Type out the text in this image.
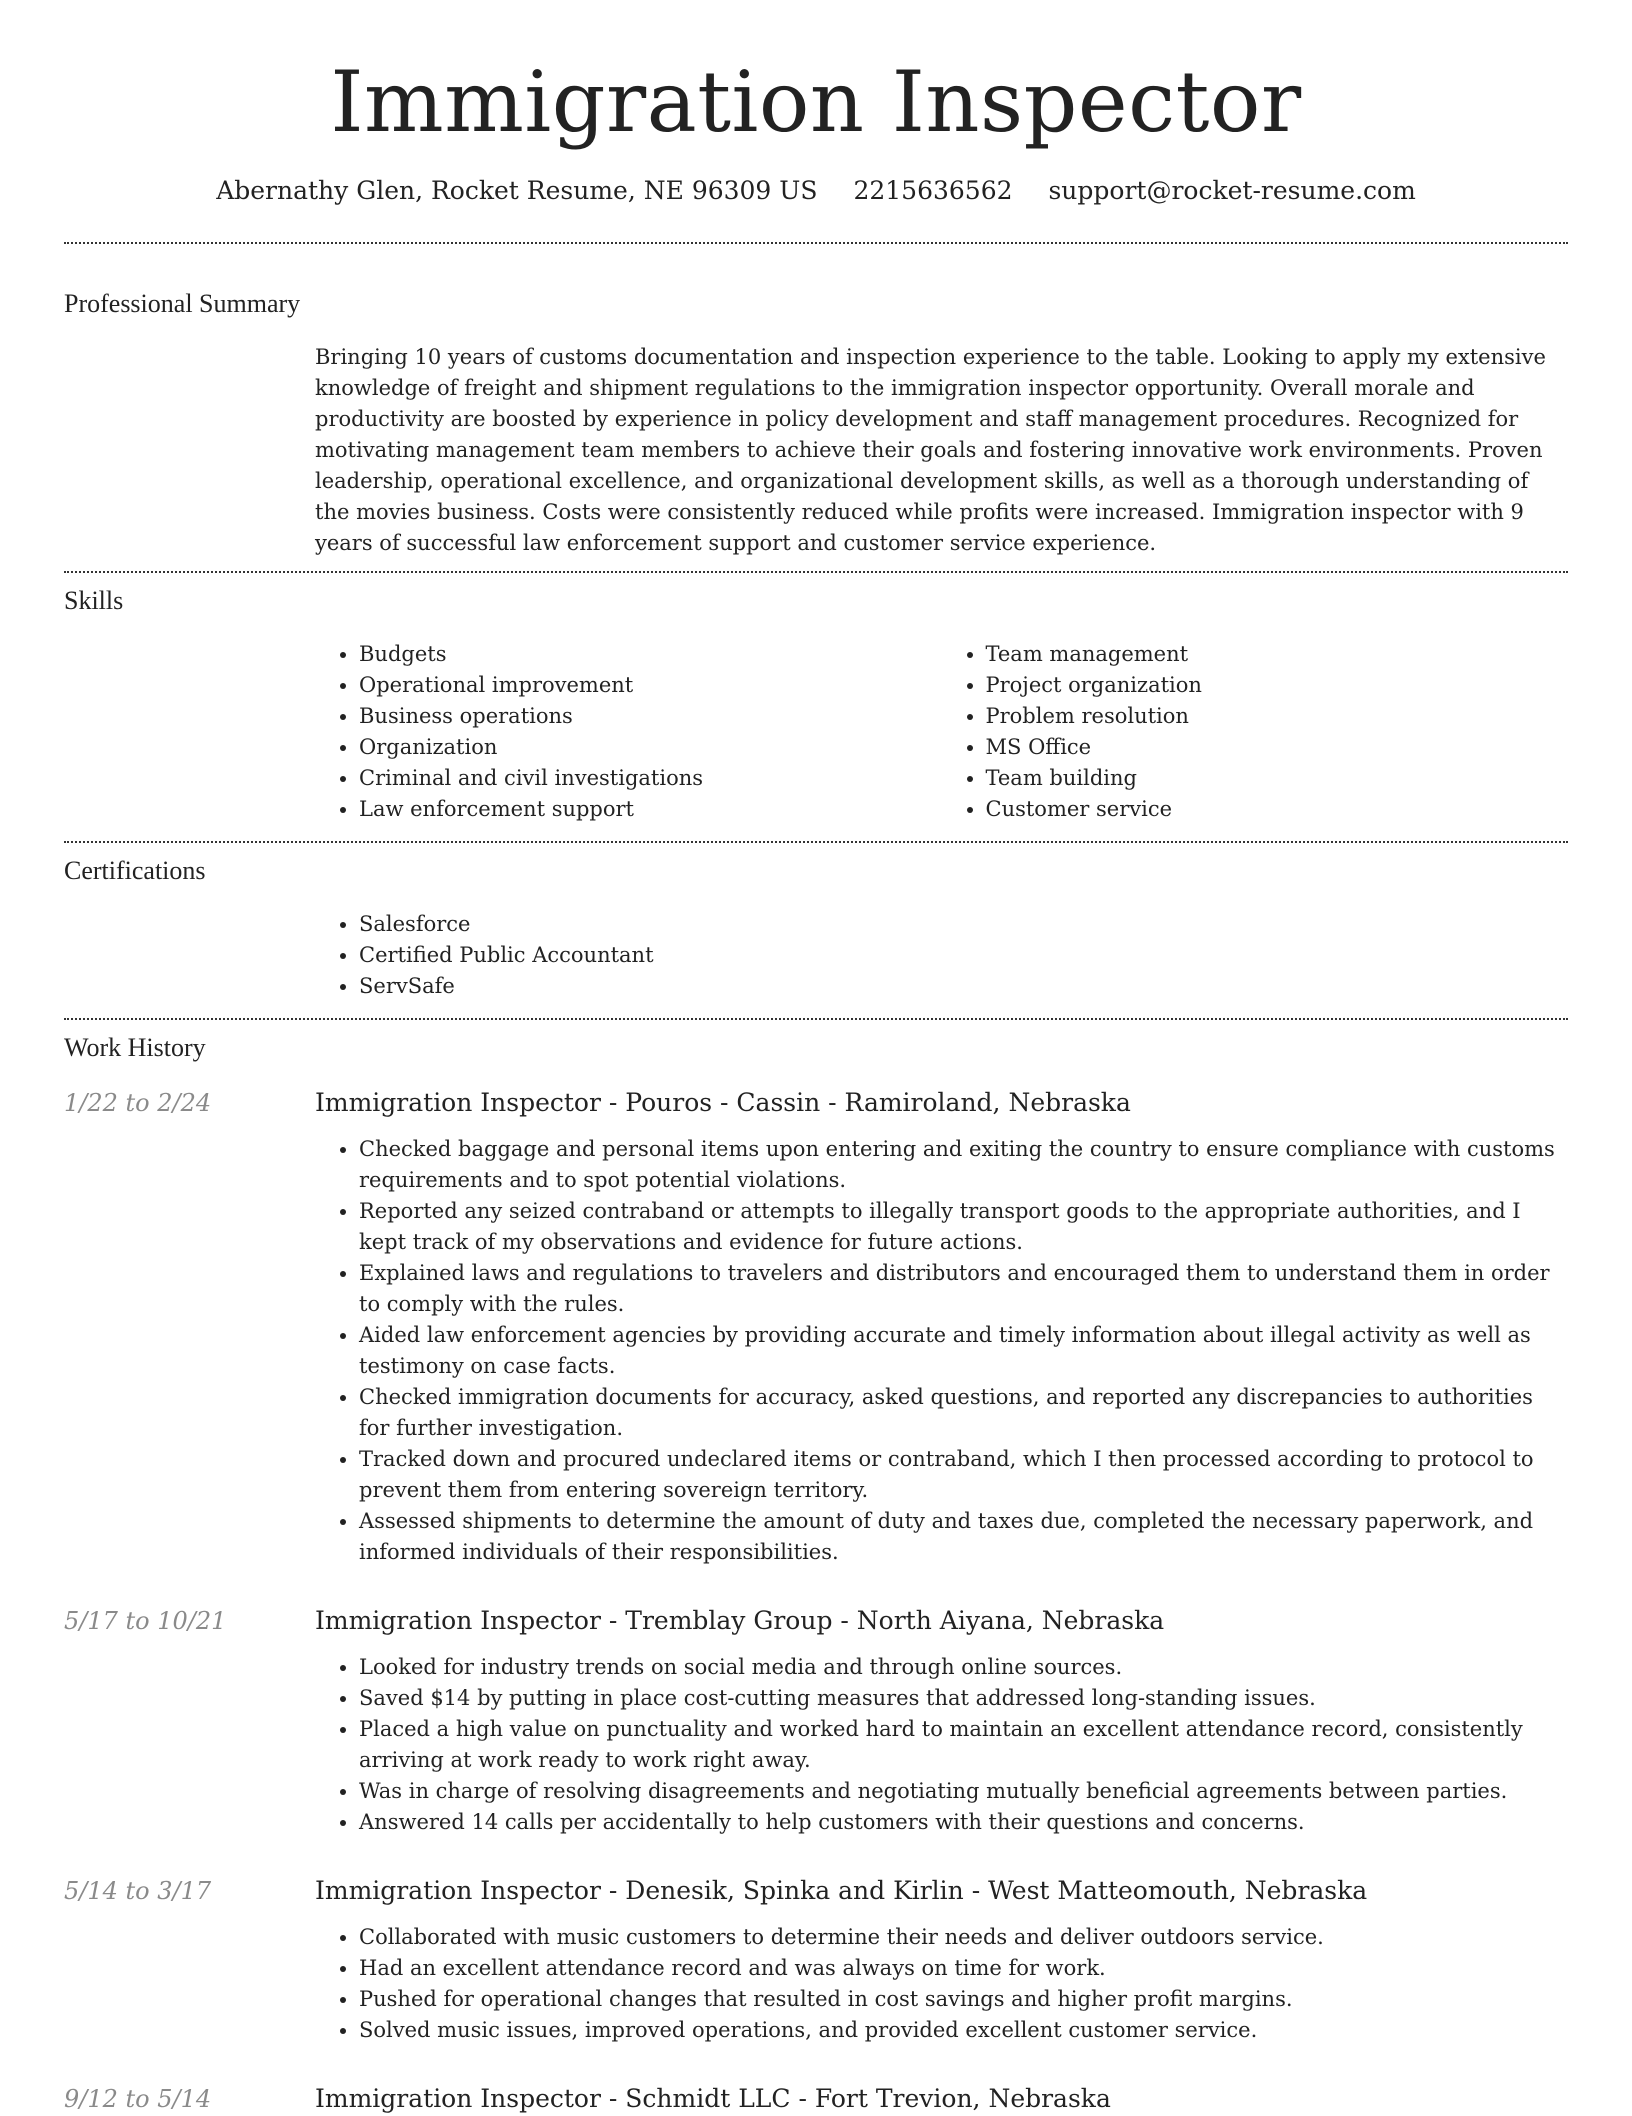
Immigration Inspector
Abernathy Glen, Rocket Resume, NE 96309 US 2215636562 support@rocket-resume.com
Professional Summary
Bringing 10 years of customs documentation and inspection experience to the table. Looking to apply my extensive knowledge of freight and shipment regulations to the immigration inspector opportunity. Overall morale and productivity are boosted by experience in policy development and staff management procedures. Recognized for motivating management team members to achieve their goals and fostering innovative work environments. Proven leadership, operational excellence, and organizational development skills, as well as a thorough understanding of the movies business. Costs were consistently reduced while profits were increased. Immigration inspector with 9 years of successful law enforcement support and customer service experience.
Skills
• Budgets
• Operational improvement
• Business operations
• Organization
• Criminal and civil investigations
• Law enforcement support
• Team management
• Project organization
• Problem resolution
• MS Office
• Team building
• Customer service
Certifications
• Salesforce
• Certified Public Accountant
• ServSafe
Work History
1/22 to 2/24	Immigration Inspector - Pouros - Cassin - Ramiroland, Nebraska
• Checked baggage and personal items upon entering and exiting the country to ensure compliance with customs requirements and to spot potential violations.
• Reported any seized contraband or attempts to illegally transport goods to the appropriate authorities, and I kept track of my observations and evidence for future actions.
• Explained laws and regulations to travelers and distributors and encouraged them to understand them in order to comply with the rules.
• Aided law enforcement agencies by providing accurate and timely information about illegal activity as well as testimony on case facts.
• Checked immigration documents for accuracy, asked questions, and reported any discrepancies to authorities for further investigation.
• Tracked down and procured undeclared items or contraband, which I then processed according to protocol to prevent them from entering sovereign territory.
• Assessed shipments to determine the amount of duty and taxes due, completed the necessary paperwork, and informed individuals of their responsibilities.
5/17 to 10/21	Immigration Inspector - Tremblay Group - North Aiyana, Nebraska
• Looked for industry trends on social media and through online sources.
• Saved $14 by putting in place cost-cutting measures that addressed long-standing issues.
• Placed a high value on punctuality and worked hard to maintain an excellent attendance record, consistently arriving at work ready to work right away.
• Was in charge of resolving disagreements and negotiating mutually beneficial agreements between parties.
• Answered 14 calls per accidentally to help customers with their questions and concerns.
5/14 to 3/17	Immigration Inspector - Denesik, Spinka and Kirlin - West Matteomouth, Nebraska
• Collaborated with music customers to determine their needs and deliver outdoors service.
• Had an excellent attendance record and was always on time for work.
• Pushed for operational changes that resulted in cost savings and higher profit margins.
• Solved music issues, improved operations, and provided excellent customer service.
9/12 to 5/14	Immigration Inspector - Schmidt LLC - Fort Trevion, Nebraska
